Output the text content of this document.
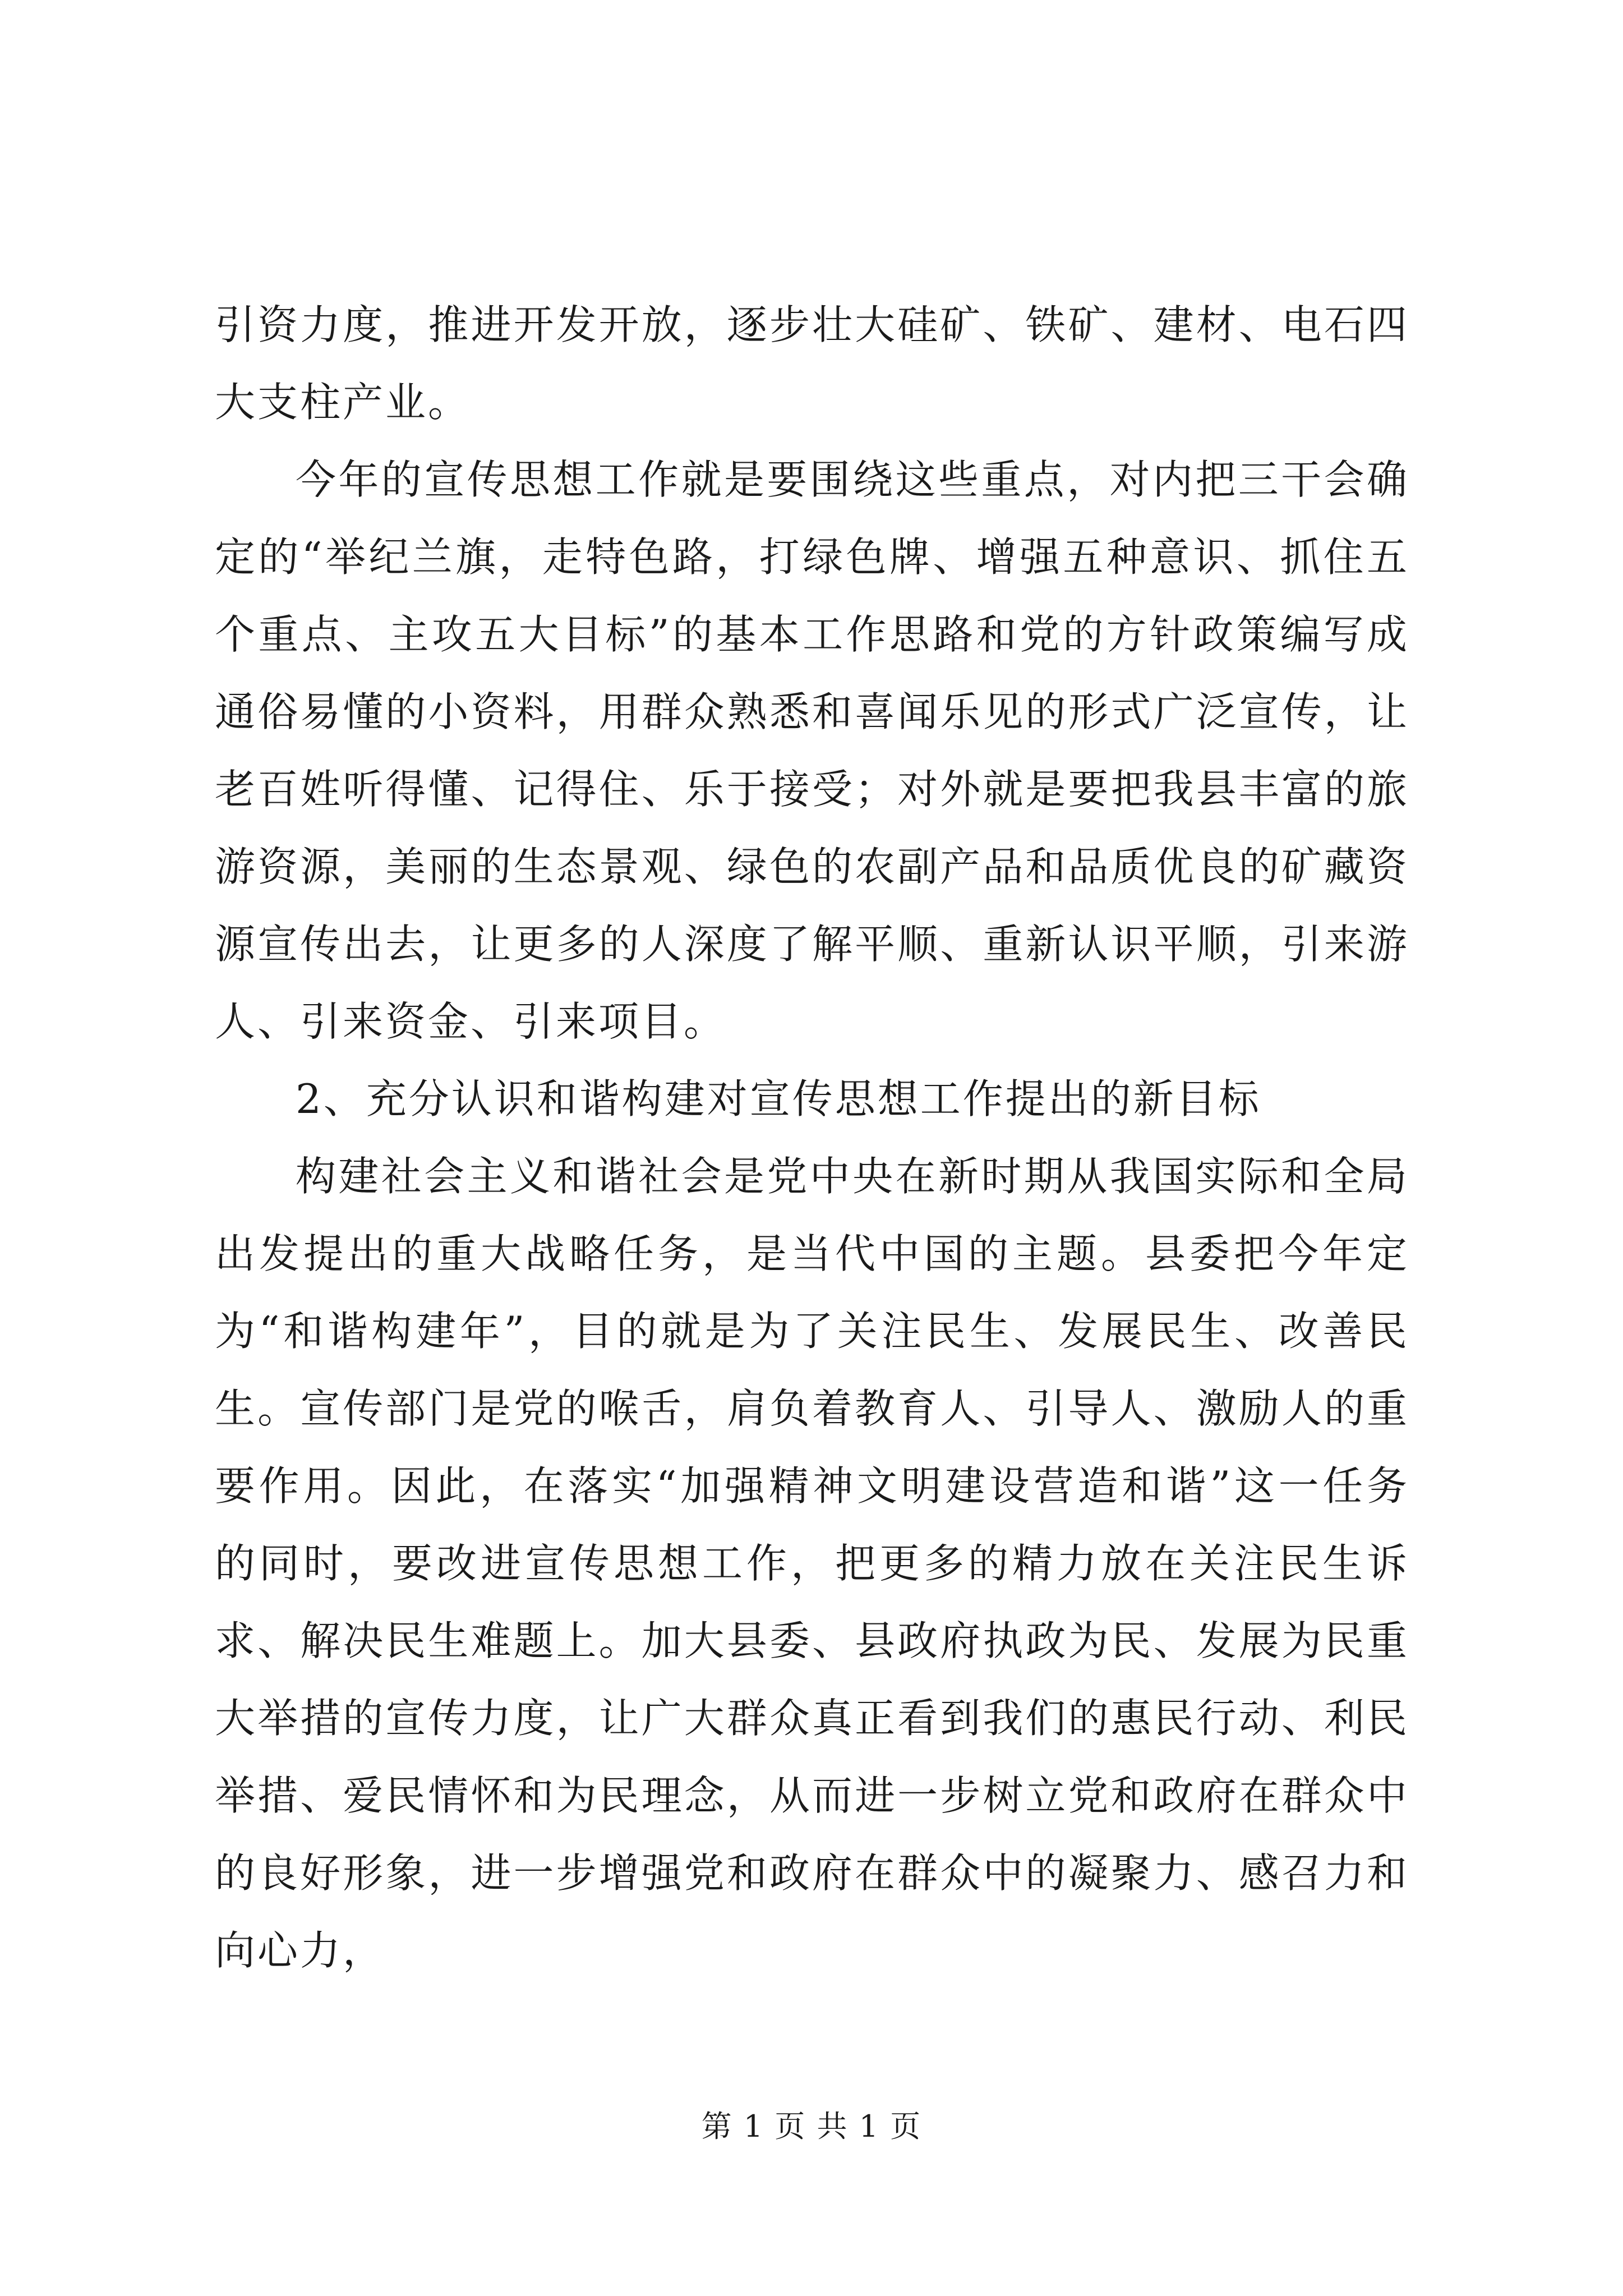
引资力度，推进开发开放，逐步壮大硅矿、铁矿、建材、电石四大支柱产业。

今年的宣传思想工作就是要围绕这些重点，对内把三干会确定的“举纪兰旗，走特色路，打绿色牌、增强五种意识、抓住五个重点、主攻五大目标”的基本工作思路和党的方针政策编写成通俗易懂的小资料，用群众熟悉和喜闻乐见的形式广泛宣传，让老百姓听得懂、记得住、乐于接受；对外就是要把我县丰富的旅游资源，美丽的生态景观、绿色的农副产品和品质优良的矿藏资源宣传出去，让更多的人深度了解平顺、重新认识平顺，引来游人、引来资金、引来项目。

2、充分认识和谐构建对宣传思想工作提出的新目标

构建社会主义和谐社会是党中央在新时期从我国实际和全局出发提出的重大战略任务，是当代中国的主题。县委把今年定为“和谐构建年”，目的就是为了关注民生、发展民生、改善民生。宣传部门是党的喉舌，肩负着教育人、引导人、激励人的重要作用。因此，在落实“加强精神文明建设营造和谐”这一任务的同时，要改进宣传思想工作，把更多的精力放在关注民生诉求、解决民生难题上。加大县委、县政府执政为民、发展为民重大举措的宣传力度，让广大群众真正看到我们的惠民行动、利民举措、爱民情怀和为民理念，从而进一步树立党和政府在群众中的良好形象，进一步增强党和政府在群众中的凝聚力、感召力和向心力，

第 1 页 共 1 页
